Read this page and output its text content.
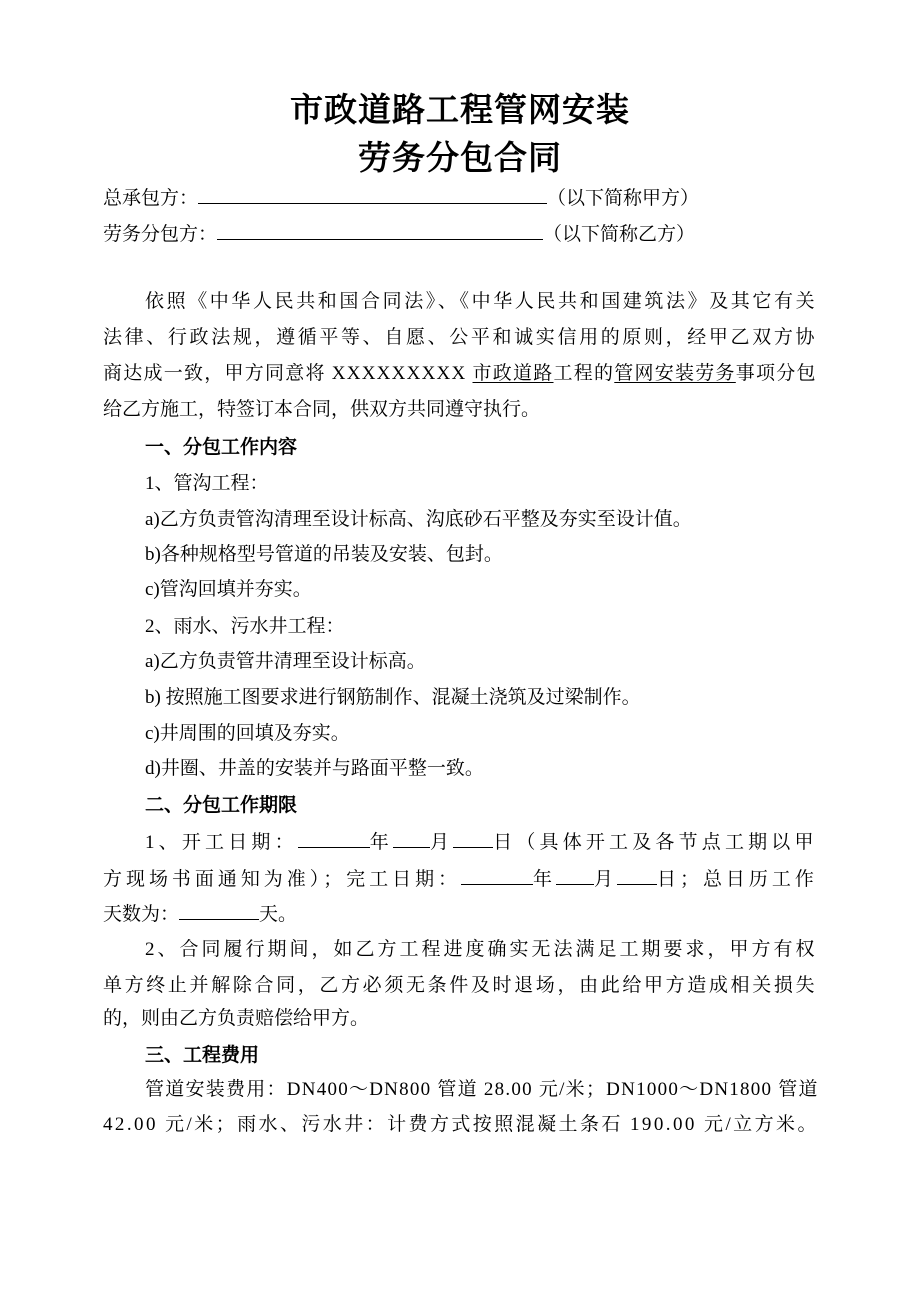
市政道路工程管网安装
劳务分包合同
总承包方：	（以下简称甲方）
劳务分包方：	（以下简称乙方）
依照《中华人民共和国合同法》、《中华人民共和国建筑法》及其它有关
法律、行政法规，遵循平等、自愿、公平和诚实信用的原则，经甲乙双方协
商达成一致，甲方同意将 XXXXXXXXX 市政道路工程的管网安装劳务事项分包
给乙方施工，特签订本合同，供双方共同遵守执行。
一、分包工作内容
1、管沟工程：
a)乙方负责管沟清理至设计标高、沟底砂石平整及夯实至设计值。
b)各种规格型号管道的吊装及安装、包封。
c)管沟回填并夯实。
2、雨水、污水井工程：
a)乙方负责管井清理至设计标高。
b) 按照施工图要求进行钢筋制作、混凝土浇筑及过梁制作。
c)井周围的回填及夯实。
d)井圈、井盖的安装并与路面平整一致。
二、分包工作期限
1、开工日期：	年 月 日（具体开工及各节点工期以甲
方现场书面通知为准）；完工日期：	年 月 日；总日历工作
天数为：	天。
2、合同履行期间，如乙方工程进度确实无法满足工期要求，甲方有权
单方终止并解除合同，乙方必须无条件及时退场，由此给甲方造成相关损失
的，则由乙方负责赔偿给甲方。
三、工程费用
管道安装费用：DN400～DN800 管道 28.00 元/米；DN1000～DN1800 管道
42.00 元/米；雨水、污水井：计费方式按照混凝土条石 190.00 元/立方米。
